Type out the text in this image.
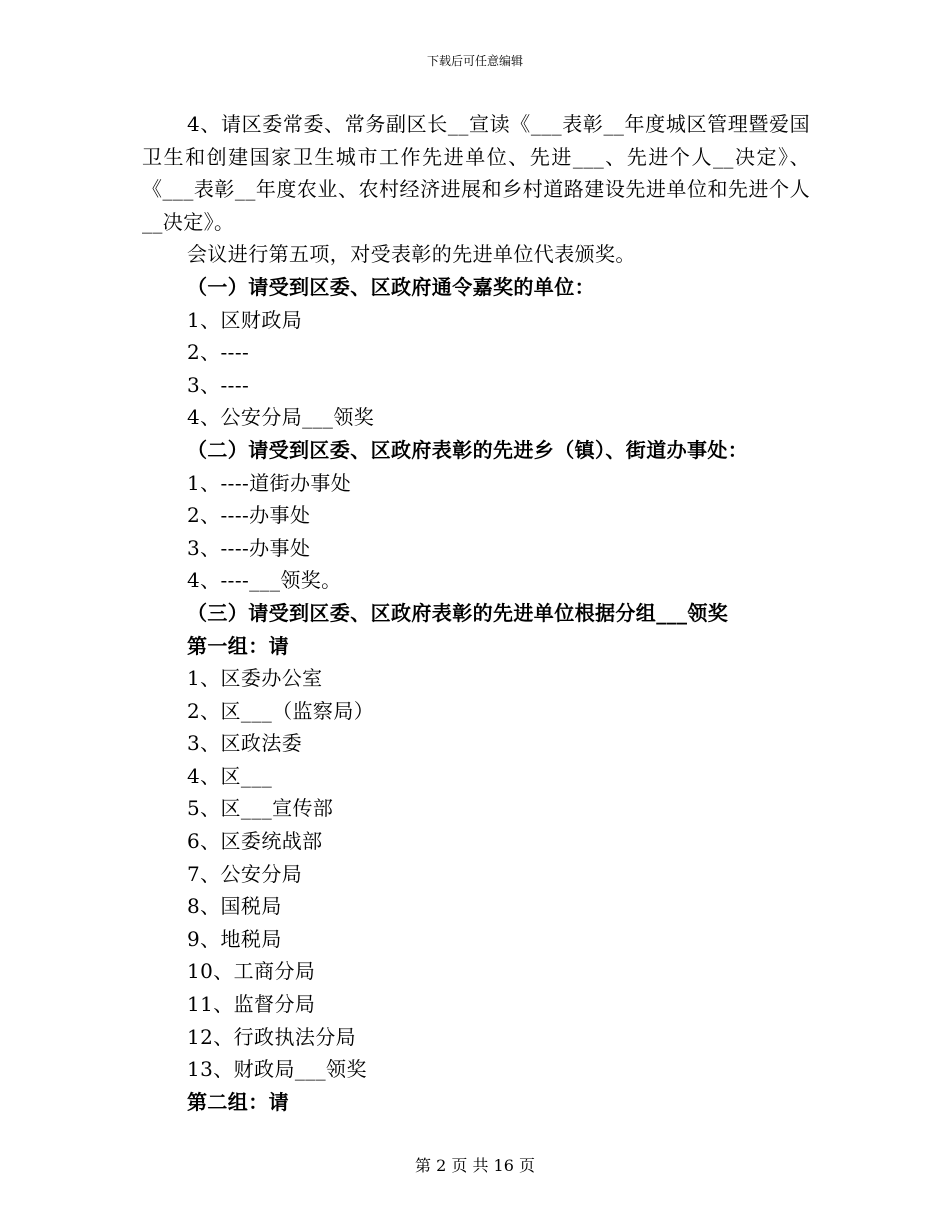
下载后可任意编辑

4、请区委常委、常务副区长__宣读《___表彰__年度城区管理暨爱国卫生和创建国家卫生城市工作先进单位、先进___、先进个人__决定》、《___表彰__年度农业、农村经济进展和乡村道路建设先进单位和先进个人__决定》。

会议进行第五项，对受表彰的先进单位代表颁奖。

（一）请受到区委、区政府通令嘉奖的单位：

1、区财政局

2、----

3、----

4、公安分局___领奖

（二）请受到区委、区政府表彰的先进乡（镇）、街道办事处：

1、----道街办事处

2、----办事处

3、----办事处

4、----___领奖。

（三）请受到区委、区政府表彰的先进单位根据分组___领奖

第一组：请

1、区委办公室

2、区___（监察局）

3、区政法委

4、区___

5、区___宣传部

6、区委统战部

7、公安分局

8、国税局

9、地税局

10、工商分局

11、监督分局

12、行政执法分局

13、财政局___领奖

第二组：请

第 2 页 共 16 页
